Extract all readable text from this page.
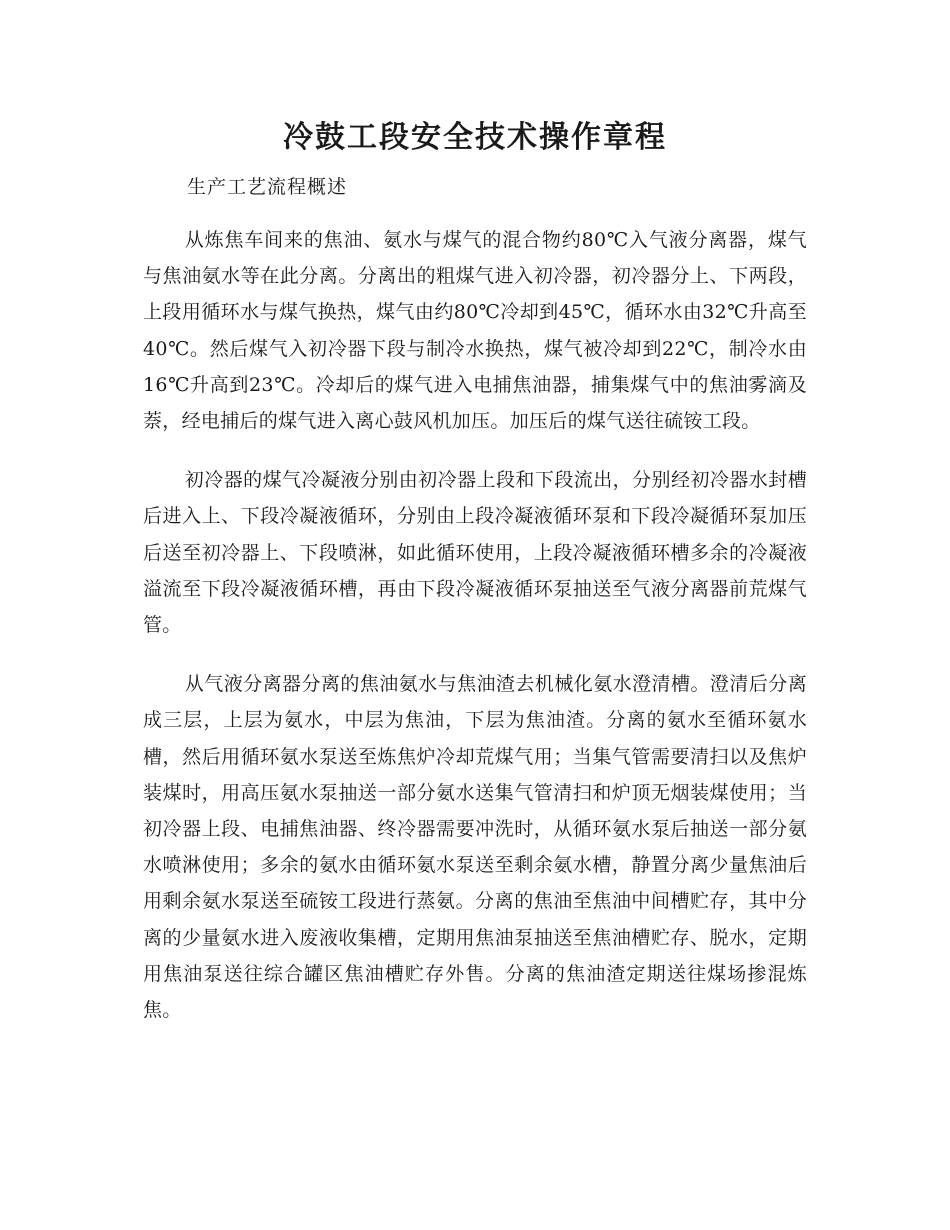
冷鼓工段安全技术操作章程

生产工艺流程概述

从炼焦车间来的焦油、氨水与煤气的混合物约80℃入气液分离器，煤气与焦油氨水等在此分离。分离出的粗煤气进入初冷器，初冷器分上、下两段，上段用循环水与煤气换热，煤气由约80℃冷却到45℃，循环水由32℃升高至40℃。然后煤气入初冷器下段与制冷水换热，煤气被冷却到22℃，制冷水由16℃升高到23℃。冷却后的煤气进入电捕焦油器，捕集煤气中的焦油雾滴及萘，经电捕后的煤气进入离心鼓风机加压。加压后的煤气送往硫铵工段。

初冷器的煤气冷凝液分别由初冷器上段和下段流出，分别经初冷器水封槽后进入上、下段冷凝液循环，分别由上段冷凝液循环泵和下段冷凝循环泵加压后送至初冷器上、下段喷淋，如此循环使用，上段冷凝液循环槽多余的冷凝液溢流至下段冷凝液循环槽，再由下段冷凝液循环泵抽送至气液分离器前荒煤气管。

从气液分离器分离的焦油氨水与焦油渣去机械化氨水澄清槽。澄清后分离成三层，上层为氨水，中层为焦油，下层为焦油渣。分离的氨水至循环氨水槽，然后用循环氨水泵送至炼焦炉冷却荒煤气用；当集气管需要清扫以及焦炉装煤时，用高压氨水泵抽送一部分氨水送集气管清扫和炉顶无烟装煤使用；当初冷器上段、电捕焦油器、终冷器需要冲洗时，从循环氨水泵后抽送一部分氨水喷淋使用；多余的氨水由循环氨水泵送至剩余氨水槽，静置分离少量焦油后用剩余氨水泵送至硫铵工段进行蒸氨。分离的焦油至焦油中间槽贮存，其中分离的少量氨水进入废液收集槽，定期用焦油泵抽送至焦油槽贮存、脱水，定期用焦油泵送往综合罐区焦油槽贮存外售。分离的焦油渣定期送往煤场掺混炼焦。
